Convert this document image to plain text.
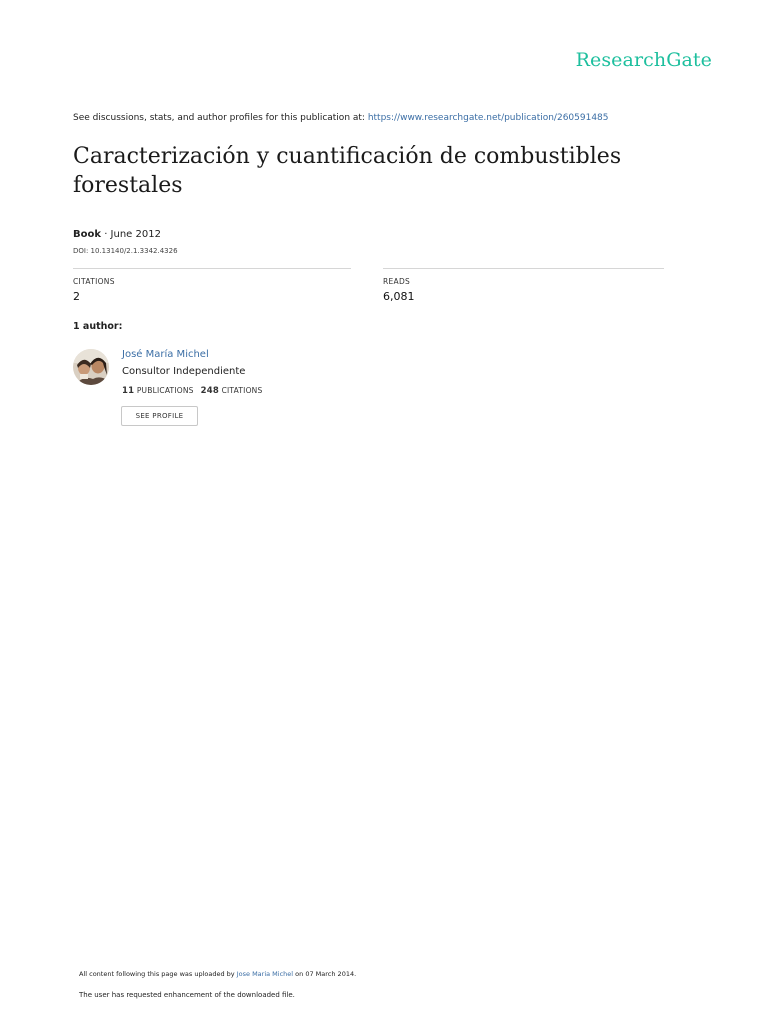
ResearchGate
See discussions, stats, and author profiles for this publication at: https://www.researchgate.net/publication/260591485
Caracterización y cuantificación de combustibles forestales
Book · June 2012
DOI: 10.13140/2.1.3342.4326
CITATIONS
2
READS
6,081
1 author:
José María Michel
Consultor Independiente
11 PUBLICATIONS 248 CITATIONS
SEE PROFILE
All content following this page was uploaded by Jose Maria Michel on 07 March 2014.
The user has requested enhancement of the downloaded file.
